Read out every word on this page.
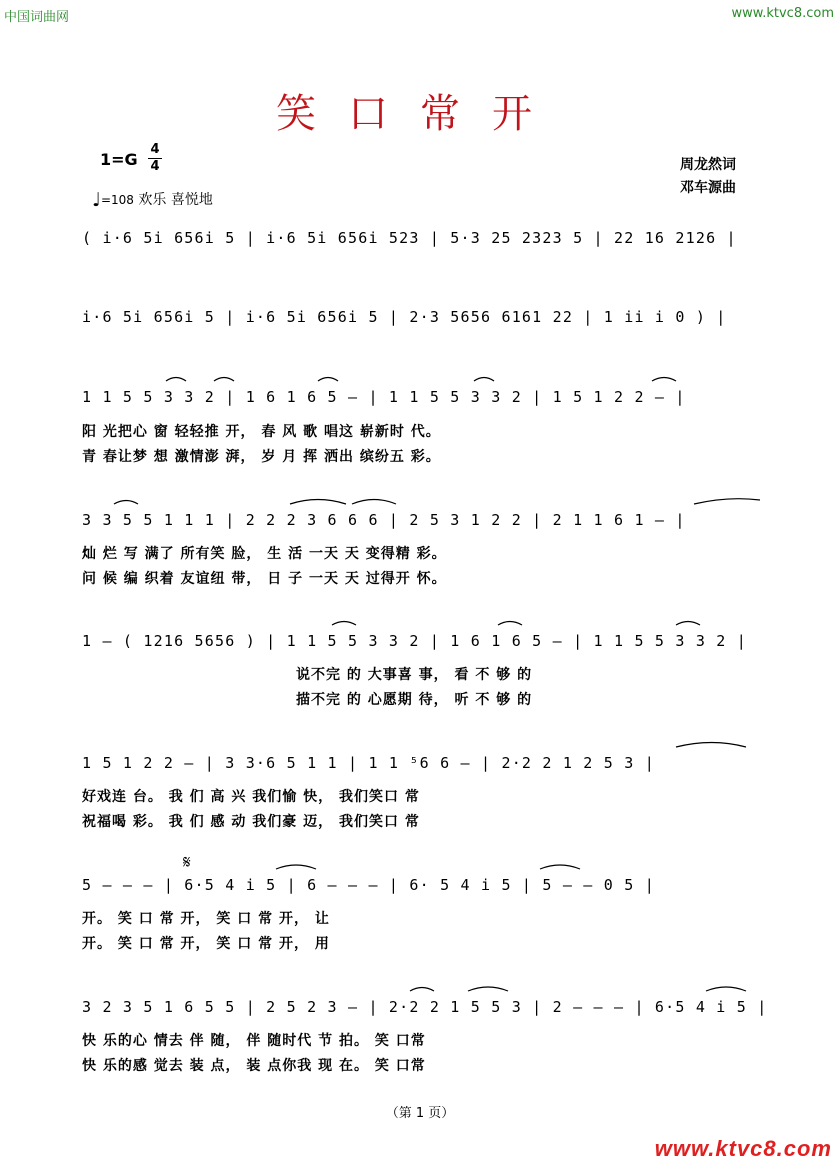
中国词曲网	www.ktvc8.com
笑口常开
1=G
4
4
♩=108 欢乐 喜悦地
周龙然词
邓车源曲
( i·6 5i 656i 5 | i·6 5i 656i 523 | 5·3 25 2323 5 | 22 16 2126 |
i·6 5i 656i 5 | i·6 5i 656i 5 | 2·3 5656 6161 22 | 1 ii i 0 ) |
1 1 5 5 3 3 2 | 1 6 1 6 5 – | 1 1 5 5 3 3 2 | 1 5 1 2 2 – |
阳 光把心 窗 轻轻推 开， 春 风 歌 唱这 崭新时 代。
青 春让梦 想 激情澎 湃， 岁 月 挥 洒出 缤纷五 彩。
3 3 5 5 1 1 1 | 2 2 2 3 6 6 6 | 2 5 3 1 2 2 | 2 1 1 6 1 – |
灿 烂 写 满了 所有笑 脸， 生 活 一天 天 变得精 彩。
问 候 编 织着 友谊纽 带， 日 子 一天 天 过得开 怀。
1 – ( 1216 5656 ) | 1 1 5 5 3 3 2 | 1 6 1 6 5 – | 1 1 5 5 3 3 2 |
说不完 的 大事喜 事， 看 不 够 的
描不完 的 心愿期 待， 听 不 够 的
1 5 1 2 2 – | 3 3·6 5 1 1 | 1 1 ⁵6 6 – | 2·2 2 1 2 5 3 |
好戏连 台。 我 们 高 兴 我们愉 快， 我们笑口 常
祝福喝 彩。 我 们 感 动 我们豪 迈， 我们笑口 常
𝄋
5 – – – | 6·5 4 i 5 | 6 – – – | 6· 5 4 i 5 | 5 – – 0 5 |
开。 笑 口 常 开， 笑 口 常 开， 让
开。 笑 口 常 开， 笑 口 常 开， 用
3 2 3 5 1 6 5 5 | 2 5 2 3 – | 2·2 2 1 5 5 3 | 2 – – – | 6·5 4 i 5 |
快 乐的心 情去 伴 随， 伴 随时代 节 拍。 笑 口常
快 乐的感 觉去 装 点， 装 点你我 现 在。 笑 口常
（第 1 页）
www.ktvc8.com
